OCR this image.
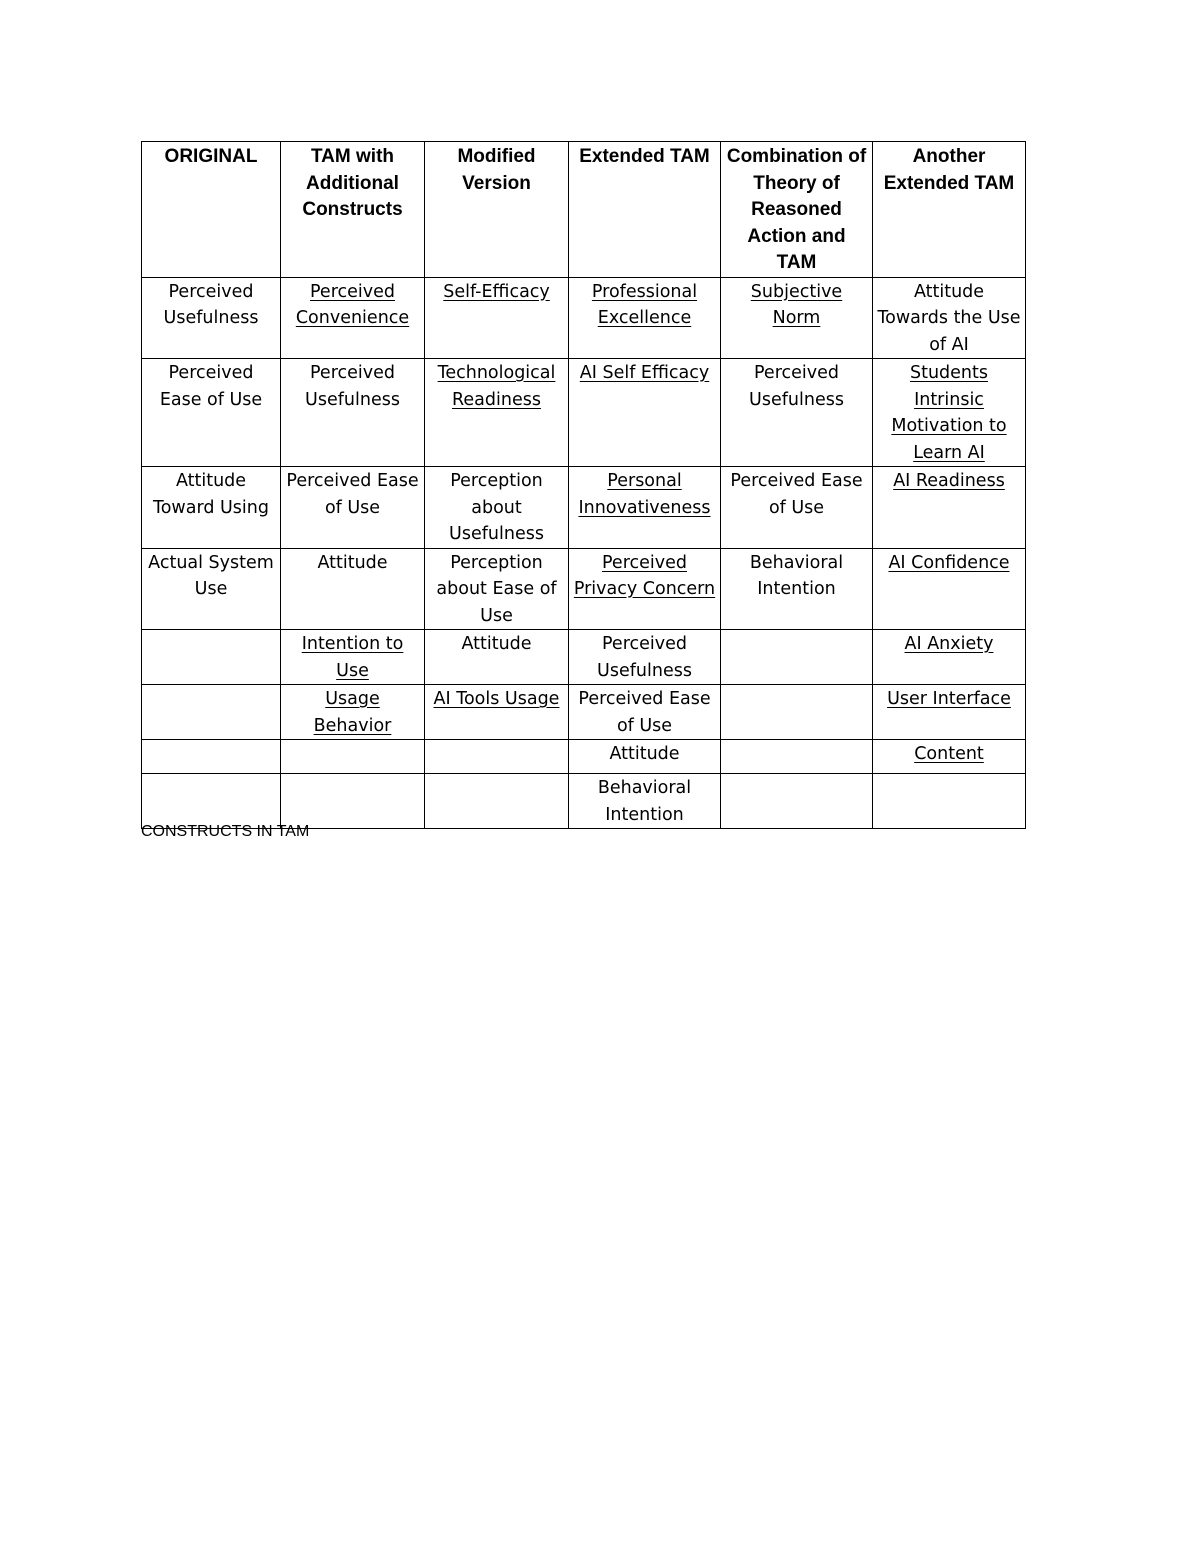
ORIGINAL	TAM with Additional Constructs	Modified Version	Extended TAM	Combination of Theory of Reasoned Action and TAM	Another Extended TAM
Perceived Usefulness	Perceived Convenience	Self-Efficacy	Professional Excellence	Subjective Norm	Attitude Towards the Use of AI
Perceived Ease of Use	Perceived Usefulness	Technological Readiness	AI Self Efficacy	Perceived Usefulness	Students Intrinsic Motivation to Learn AI
Attitude Toward Using	Perceived Ease of Use	Perception about Usefulness	Personal Innovativeness	Perceived Ease of Use	AI Readiness
Actual System Use	Attitude	Perception about Ease of Use	Perceived Privacy Concern	Behavioral Intention	AI Confidence
	Intention to Use	Attitude	Perceived Usefulness		AI Anxiety
	Usage Behavior	AI Tools Usage	Perceived Ease of Use		User Interface
			Attitude		Content
			Behavioral Intention		

CONSTRUCTS IN TAM
